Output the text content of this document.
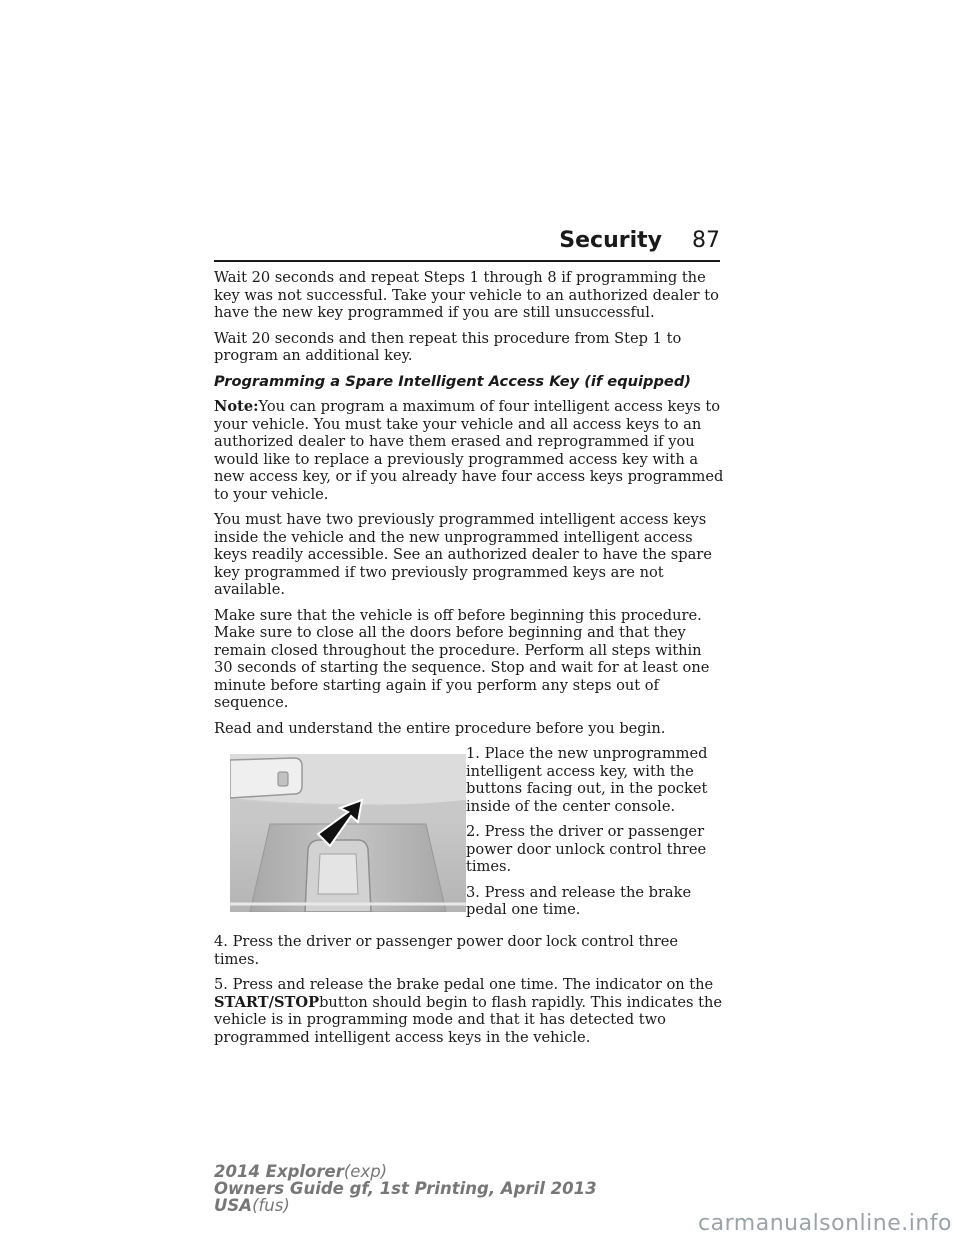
Security 87

Wait 20 seconds and repeat Steps 1 through 8 if programming the key was not successful. Take your vehicle to an authorized dealer to have the new key programmed if you are still unsuccessful.

Wait 20 seconds and then repeat this procedure from Step 1 to program an additional key.

Programming a Spare Intelligent Access Key (if equipped)

Note:You can program a maximum of four intelligent access keys to your vehicle. You must take your vehicle and all access keys to an authorized dealer to have them erased and reprogrammed if you would like to replace a previously programmed access key with a new access key, or if you already have four access keys programmed to your vehicle.

You must have two previously programmed intelligent access keys inside the vehicle and the new unprogrammed intelligent access keys readily accessible. See an authorized dealer to have the spare key programmed if two previously programmed keys are not available.

Make sure that the vehicle is off before beginning this procedure. Make sure to close all the doors before beginning and that they remain closed throughout the procedure. Perform all steps within 30 seconds of starting the sequence. Stop and wait for at least one minute before starting again if you perform any steps out of sequence.

Read and understand the entire procedure before you begin.

1. Place the new unprogrammed intelligent access key, with the buttons facing out, in the pocket inside of the center console.

2. Press the driver or passenger power door unlock control three times.

3. Press and release the brake pedal one time.

4. Press the driver or passenger power door lock control three times.

5. Press and release the brake pedal one time. The indicator on the START/STOPbutton should begin to flash rapidly. This indicates the vehicle is in programming mode and that it has detected two programmed intelligent access keys in the vehicle.

2014 Explorer(exp)
Owners Guide gf, 1st Printing, April 2013
USA(fus)
carmanualsonline.info
